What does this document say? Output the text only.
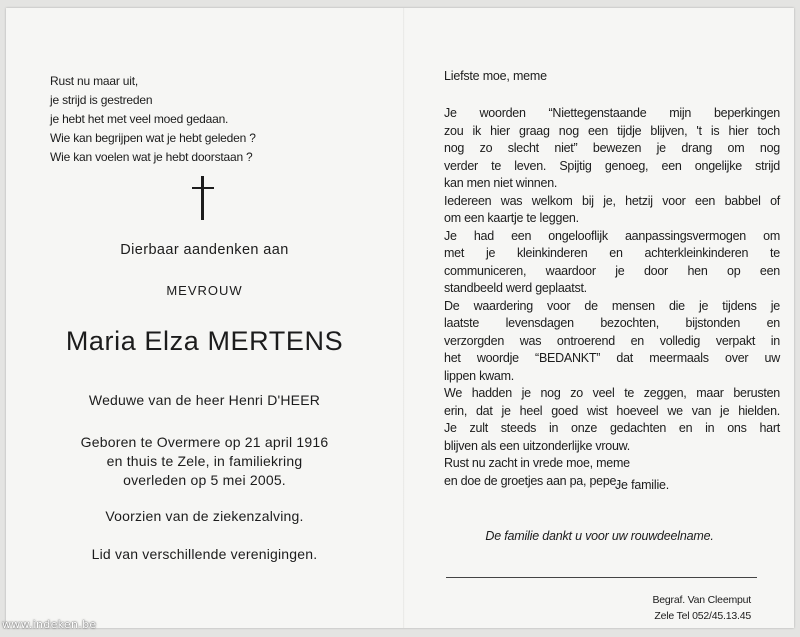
Rust nu maar uit,
je strijd is gestreden
je hebt het met veel moed gedaan.
Wie kan begrijpen wat je hebt geleden ?
Wie kan voelen wat je hebt doorstaan ?
Dierbaar aandenken aan
MEVROUW
Maria Elza MERTENS
Weduwe van de heer Henri D'HEER
Geboren te Overmere op 21 april 1916
en thuis te Zele, in familiekring
overleden op 5 mei 2005.
Voorzien van de ziekenzalving.
Lid van verschillende verenigingen.
Liefste moe, meme
Je woorden “Niettegenstaande mijn beperkingen
zou ik hier graag nog een tijdje blijven, 't is hier toch
nog zo slecht niet” bewezen je drang om nog
verder te leven. Spijtig genoeg, een ongelijke strijd
kan men niet winnen.
Iedereen was welkom bij je, hetzij voor een babbel of
om een kaartje te leggen.
Je had een ongelooflijk aanpassingsvermogen om
met je kleinkinderen en achterkleinkinderen te
communiceren, waardoor je door hen op een
standbeeld werd geplaatst.
De waardering voor de mensen die je tijdens je
laatste levensdagen bezochten, bijstonden en
verzorgden was ontroerend en volledig verpakt in
het woordje “BEDANKT” dat meermaals over uw
lippen kwam.
We hadden je nog zo veel te zeggen, maar berusten
erin, dat je heel goed wist hoeveel we van je hielden.
Je zult steeds in onze gedachten en in ons hart
blijven als een uitzonderlijke vrouw.
Rust nu zacht in vrede moe, meme
en doe de groetjes aan pa, pepe.
Je familie.
De familie dankt u voor uw rouwdeelname.
Begraf. Van Cleemput
Zele Tel 052/45.13.45
www.indeken.be
